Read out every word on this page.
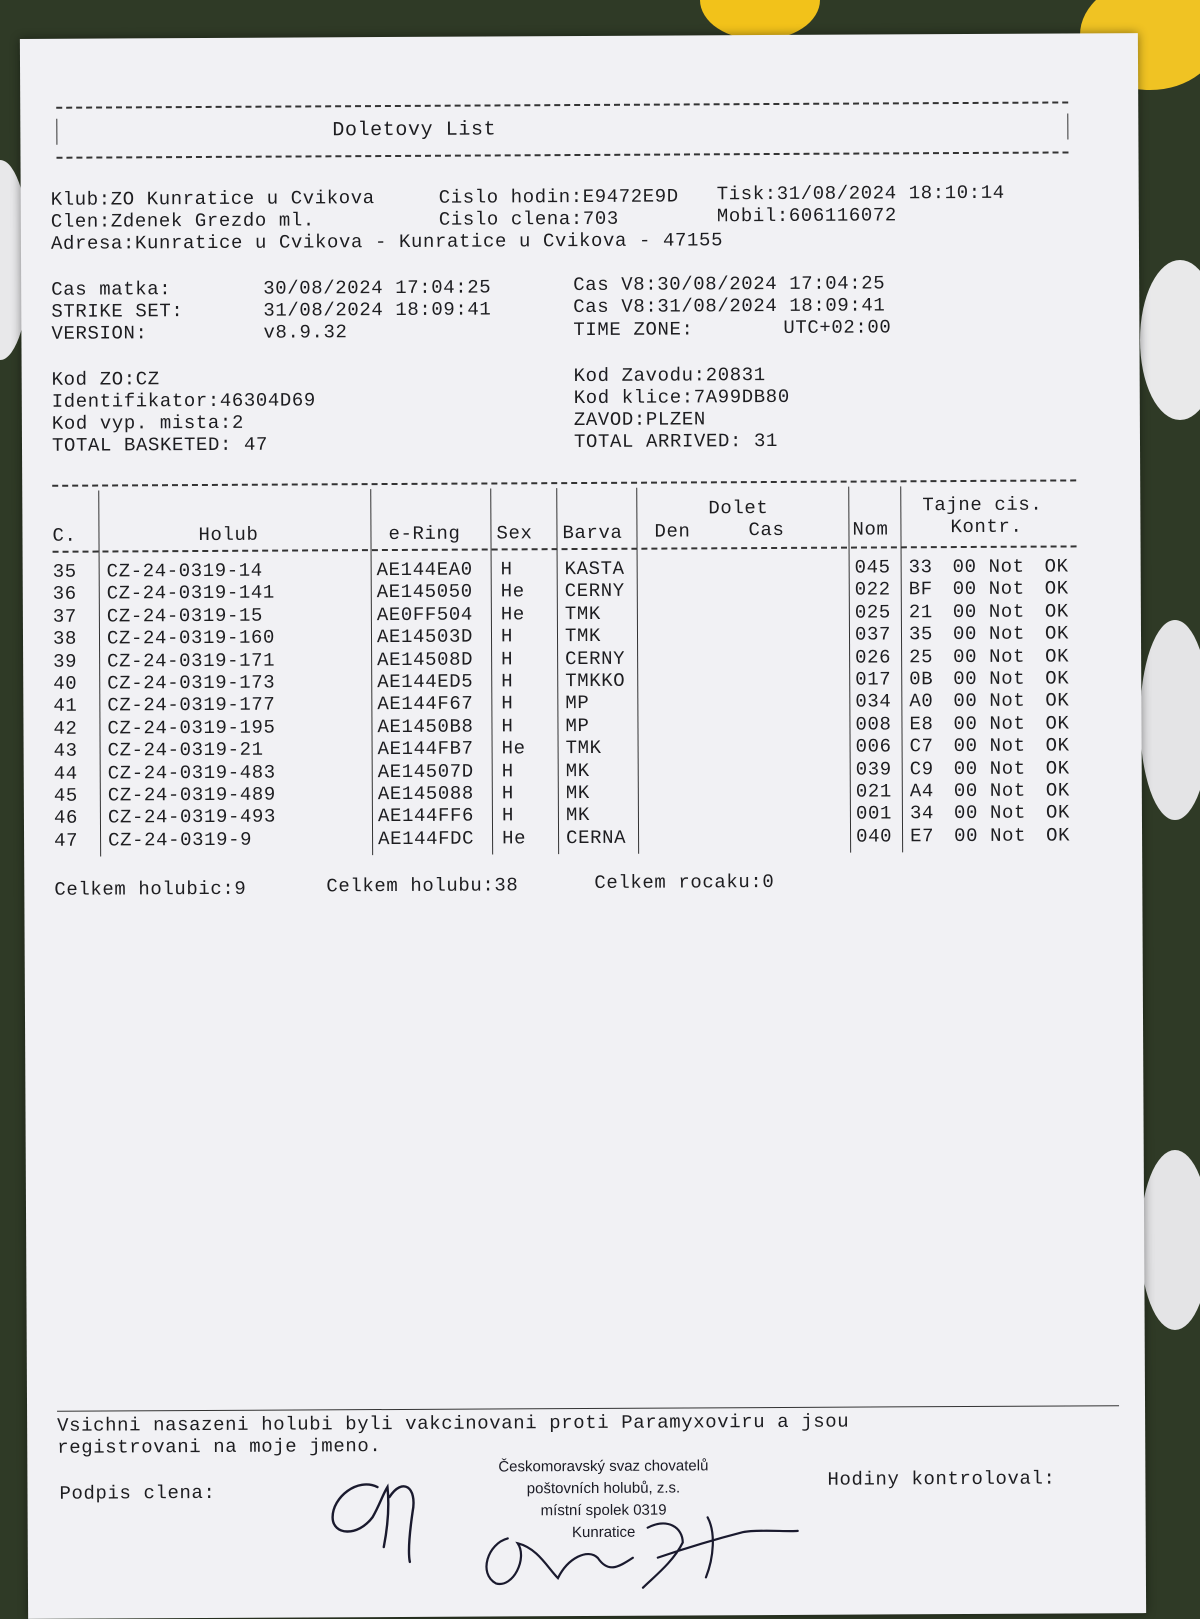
Doletovy List
Klub:ZO Kunratice u Cvikova	Cislo hodin:E9472E9D Tisk:31/08/2024 18:10:14
Clen:Zdenek Grezdo ml.	Cislo clena:703	Mobil:606116072
Adresa:Kunratice u Cvikova - Kunratice u Cvikova - 47155
Cas matka:	30/08/2024 17:04:25	Cas V8:30/08/2024 17:04:25
STRIKE SET:	31/08/2024 18:09:41	Cas V8:31/08/2024 18:09:41
VERSION:	v8.9.32	TIME ZONE:	UTC+02:00
Kod ZO:CZ	Kod Zavodu:20831
Identifikator:46304D69	Kod klice:7A99DB80
Kod vyp. mista:2	ZAVOD:PLZEN
TOTAL BASKETED: 47	TOTAL ARRIVED: 31
C.	Holub	e-Ring Sex Barva
Dolet
Den	Cas	Nom
Tajne cis.
Kontr.
35 CZ-24-0319-14	AE144EA0 H	KASTA	045 33 00 Not OK
36 CZ-24-0319-141	AE145050 He CERNY	022 BF 00 Not OK
37 CZ-24-0319-15	AE0FF504 He TMK	025 21 00 Not OK
38 CZ-24-0319-160	AE14503D H	TMK	037 35 00 Not OK
39 CZ-24-0319-171	AE14508D H	CERNY	026 25 00 Not OK
40 CZ-24-0319-173	AE144ED5 H	TMKKO	017 0B 00 Not OK
41 CZ-24-0319-177	AE144F67 H	MP	034 A0 00 Not OK
42 CZ-24-0319-195	AE1450B8 H	MP	008 E8 00 Not OK
43 CZ-24-0319-21	AE144FB7 He TMK	006 C7 00 Not OK
44 CZ-24-0319-483	AE14507D H	MK	039 C9 00 Not OK
45 CZ-24-0319-489	AE145088 H	MK	021 A4 00 Not OK
46 CZ-24-0319-493	AE144FF6 H	MK	001 34 00 Not OK
47 CZ-24-0319-9	AE144FDC He CERNA	040 E7 00 Not OK
Celkem holubic:9	Celkem holubu:38	Celkem rocaku:0
Vsichni nasazeni holubi byli vakcinovani proti Paramyxoviru a jsou
registrovani na moje jmeno.
Podpis clena:
Hodiny kontroloval:
Českomoravský svaz chovatelů
poštovních holubů, z.s.
místní spolek 0319
Kunratice
